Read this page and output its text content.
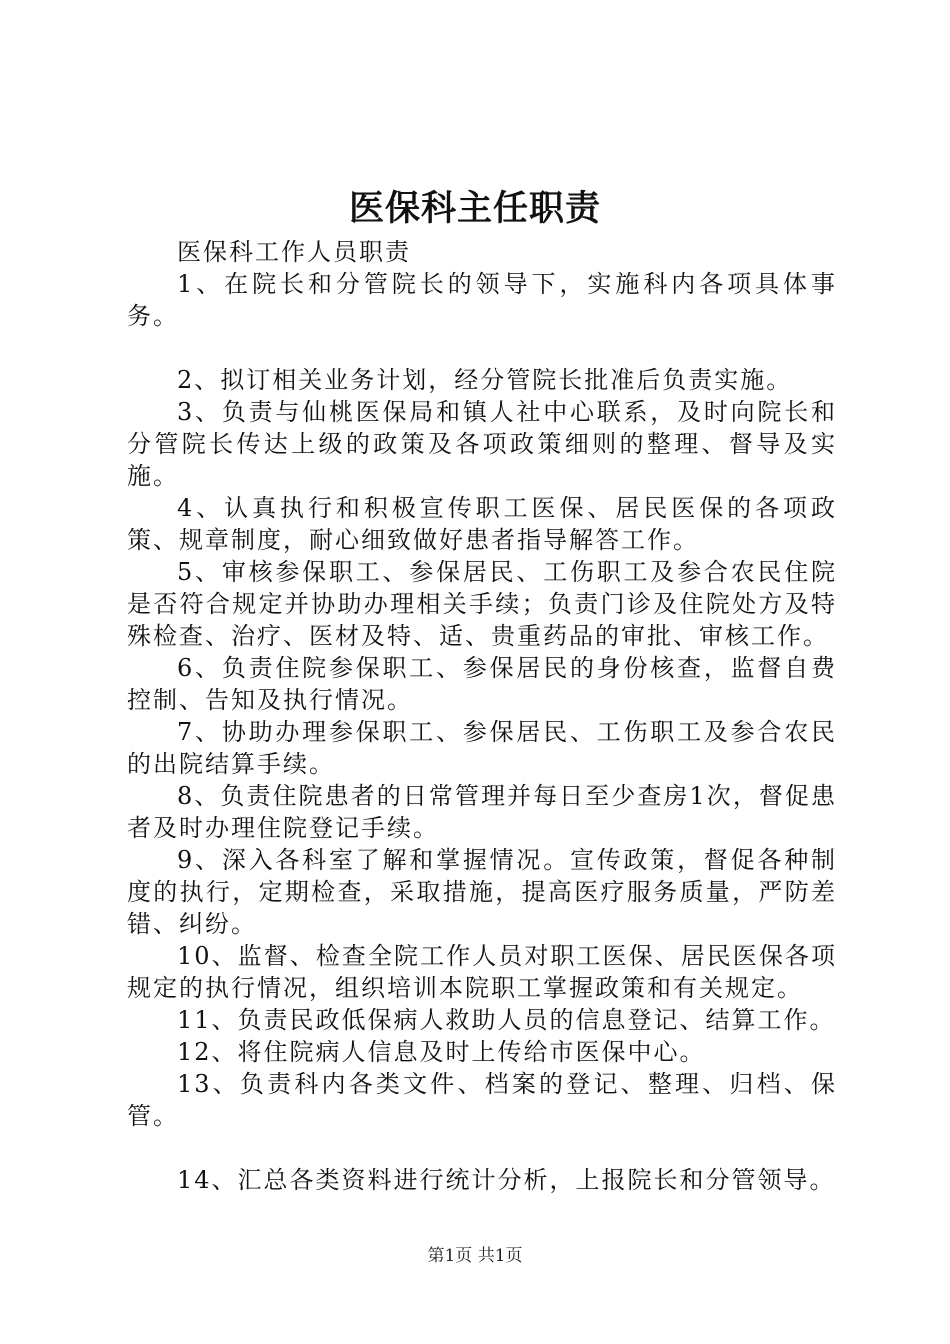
医保科主任职责

医保科工作人员职责

1、在院长和分管院长的领导下，实施科内各项具体事务。

2、拟订相关业务计划，经分管院长批准后负责实施。

3、负责与仙桃医保局和镇人社中心联系，及时向院长和分管院长传达上级的政策及各项政策细则的整理、督导及实施。

4、认真执行和积极宣传职工医保、居民医保的各项政策、规章制度，耐心细致做好患者指导解答工作。

5、审核参保职工、参保居民、工伤职工及参合农民住院是否符合规定并协助办理相关手续；负责门诊及住院处方及特殊检查、治疗、医材及特、适、贵重药品的审批、审核工作。

6、负责住院参保职工、参保居民的身份核查，监督自费控制、告知及执行情况。

7、协助办理参保职工、参保居民、工伤职工及参合农民的出院结算手续。

8、负责住院患者的日常管理并每日至少查房1次，督促患者及时办理住院登记手续。

9、深入各科室了解和掌握情况。宣传政策，督促各种制度的执行，定期检查，采取措施，提高医疗服务质量，严防差错、纠纷。

10、监督、检查全院工作人员对职工医保、居民医保各项规定的执行情况，组织培训本院职工掌握政策和有关规定。

11、负责民政低保病人救助人员的信息登记、结算工作。

12、将住院病人信息及时上传给市医保中心。

13、负责科内各类文件、档案的登记、整理、归档、保管。

14、汇总各类资料进行统计分析，上报院长和分管领导。

第1页 共1页
